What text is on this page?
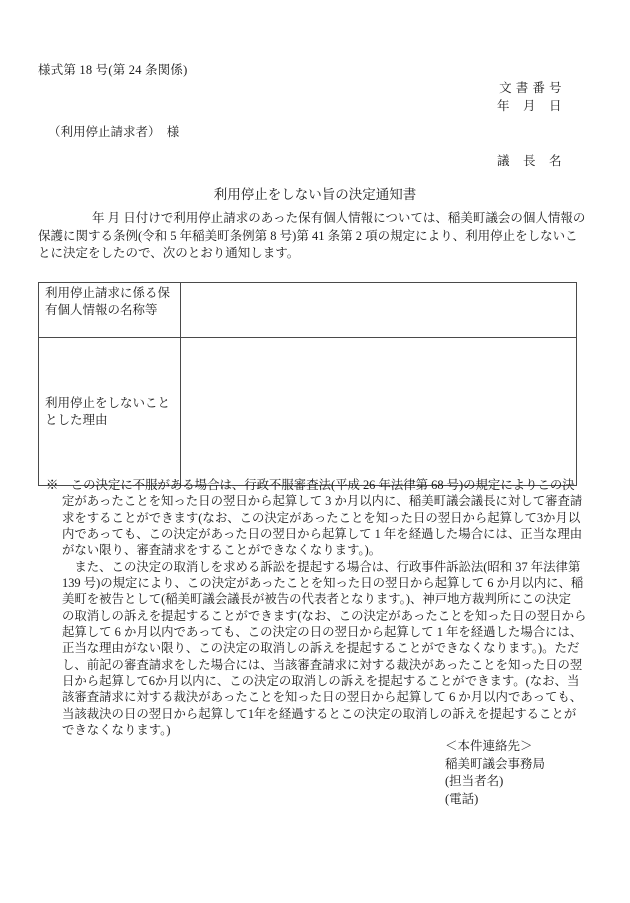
様式第 18 号(第 24 条関係)
文 書 番 号
年　月　日
（利用停止請求者）　様
議　長　名
利用停止をしない旨の決定通知書
年 月 日付けで利用停止請求のあった保有個人情報については、稲美町議会の個人情報の
保護に関する条例(令和 5 年稲美町条例第 8 号)第 41 条第 2 項の規定により、利用停止をしないこ
とに決定をしたので、次のとおり通知します。
利用停止請求に係る保有個人情報の名称等	
利用停止をしないこととした理由	
※　この決定に不服がある場合は、行政不服審査法(平成 26 年法律第 68 号)の規定によりこの決
定があったことを知った日の翌日から起算して 3 か月以内に、稲美町議会議長に対して審査請
求をすることができます(なお、この決定があったことを知った日の翌日から起算して3か月以
内であっても、この決定があった日の翌日から起算して 1 年を経過した場合には、正当な理由
がない限り、審査請求をすることができなくなります。)。
　また、この決定の取消しを求める訴訟を提起する場合は、行政事件訴訟法(昭和 37 年法律第
139 号)の規定により、この決定があったことを知った日の翌日から起算して 6 か月以内に、稲
美町を被告として(稲美町議会議長が被告の代表者となります。)、神戸地方裁判所にこの決定
の取消しの訴えを提起することができます(なお、この決定があったことを知った日の翌日から
起算して 6 か月以内であっても、この決定の日の翌日から起算して 1 年を経過した場合には、
正当な理由がない限り、この決定の取消しの訴えを提起することができなくなります。)。ただ
し、前記の審査請求をした場合には、当該審査請求に対する裁決があったことを知った日の翌
日から起算して6か月以内に、この決定の取消しの訴えを提起することができます。(なお、当
該審査請求に対する裁決があったことを知った日の翌日から起算して 6 か月以内であっても、
当該裁決の日の翌日から起算して1年を経過するとこの決定の取消しの訴えを提起することが
できなくなります。)
＜本件連絡先＞
稲美町議会事務局
(担当者名)
(電話)
